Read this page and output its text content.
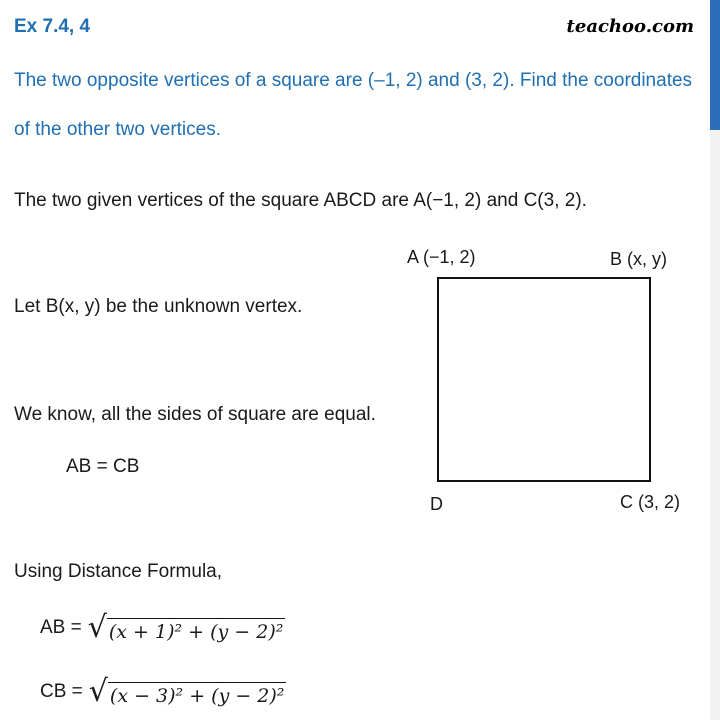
Ex 7.4, 4	teachoo.com
The two opposite vertices of a square are (–1, 2) and (3, 2). Find the coordinates of the other two vertices.
The two given vertices of the square ABCD are A(−1, 2) and C(3, 2).
A (−1, 2)	B (x, y)
D	C (3, 2)
Let B(x, y) be the unknown vertex.
We know, all the sides of square are equal.
AB = CB
Using Distance Formula,
AB = √ (x + 1)² + (y − 2)²
CB = √ (x − 3)² + (y − 2)²
